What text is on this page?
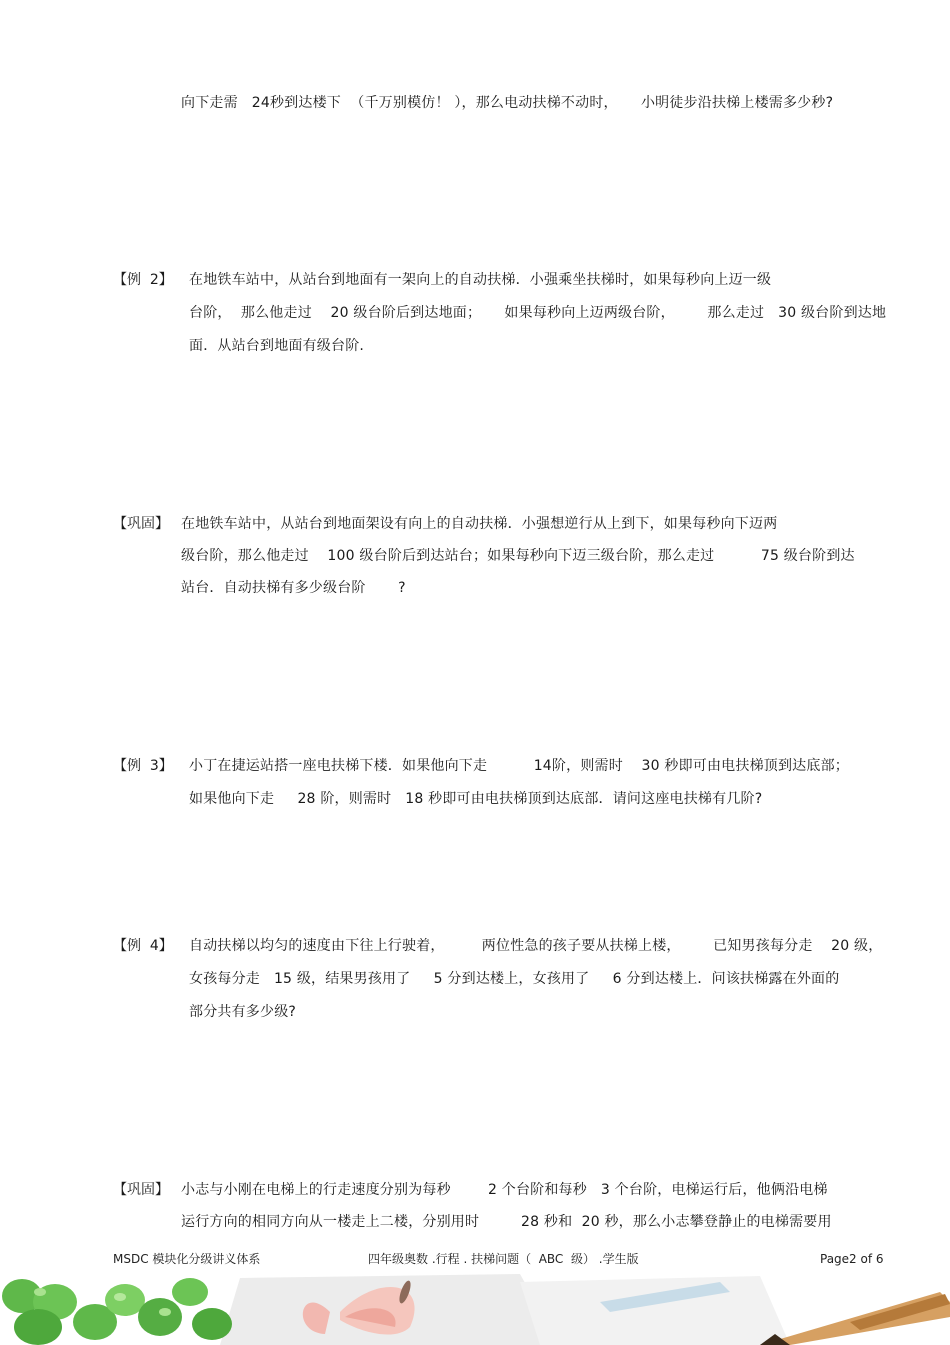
向下走需   24秒到达楼下  （千万别模仿！ ），那么电动扶梯不动时，     小明徒步沿扶梯上楼需多少秒?
【例  2】 在地铁车站中，从站台到地面有一架向上的自动扶梯．小强乘坐扶梯时，如果每秒向上迈一级
台阶，  那么他走过    20 级台阶后到达地面；     如果每秒向上迈两级台阶，       那么走过   30 级台阶到达地
面．从站台到地面有级台阶.
【巩固】 在地铁车站中，从站台到地面架设有向上的自动扶梯．小强想逆行从上到下，如果每秒向下迈两
级台阶，那么他走过    100 级台阶后到达站台；如果每秒向下迈三级台阶，那么走过          75 级台阶到达
站台．自动扶梯有多少级台阶       ?
【例  3】 小丁在捷运站搭一座电扶梯下楼．如果他向下走          14阶，则需时    30 秒即可由电扶梯顶到达底部；
如果他向下走     28 阶，则需时   18 秒即可由电扶梯顶到达底部．请问这座电扶梯有几阶?
【例  4】 自动扶梯以均匀的速度由下往上行驶着，        两位性急的孩子要从扶梯上楼，       已知男孩每分走    20 级，
女孩每分走   15 级，结果男孩用了     5 分到达楼上，女孩用了     6 分到达楼上．问该扶梯露在外面的
部分共有多少级?
【巩固】 小志与小刚在电梯上的行走速度分别为每秒        2 个台阶和每秒   3 个台阶，电梯运行后，他俩沿电梯
运行方向的相同方向从一楼走上二楼，分别用时         28 秒和  20 秒，那么小志攀登静止的电梯需要用
MSDC 模块化分级讲义体系	四年级奥数 .行程 . 扶梯问题（  ABC  级） .学生版	Page2 of 6
